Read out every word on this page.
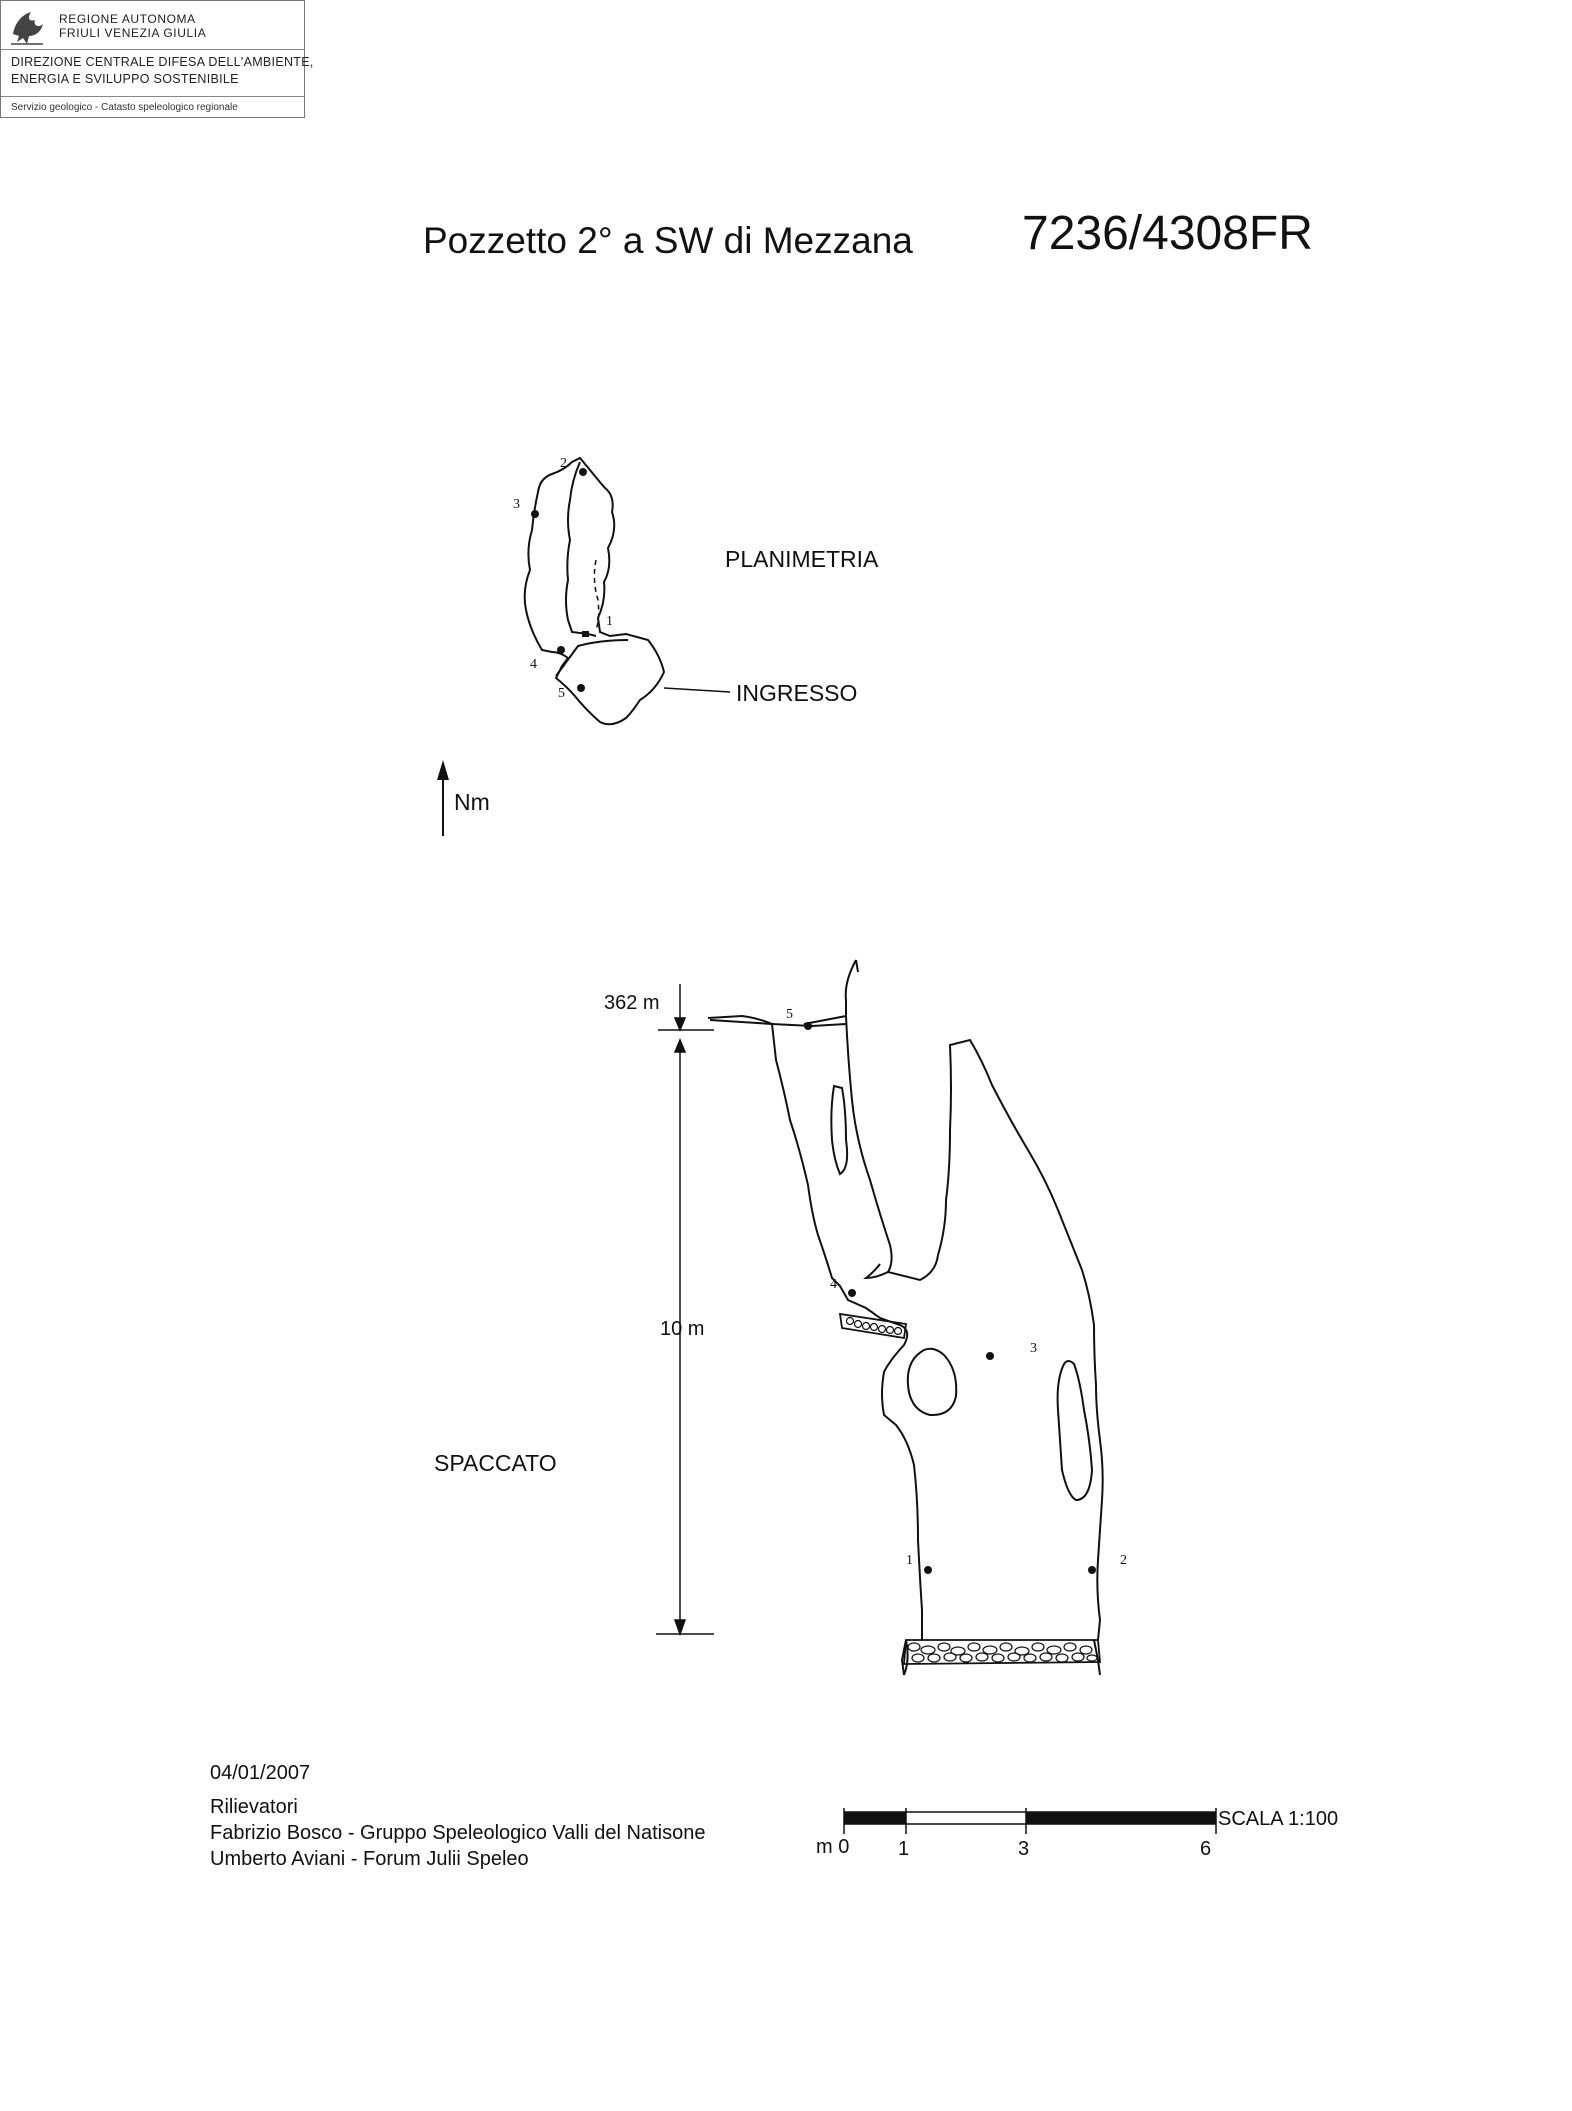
REGIONE AUTONOMA
FRIULI VENEZIA GIULIA
DIREZIONE CENTRALE DIFESA DELL'AMBIENTE,
ENERGIA E SVILUPPO SOSTENIBILE
Servizio geologico - Catasto speleologico regionale
Pozzetto 2° a SW di Mezzana 7236/4308FR
PLANIMETRIA
INGRESSO
Nm
2
3
1
4
5
5
4
3
1	2
362 m
10 m
SPACCATO
04/01/2007
Rilievatori
Fabrizio Bosco - Gruppo Speleologico Valli del Natisone
Umberto Aviani - Forum Julii Speleo
SCALA 1:100
m 0 1	3	6
